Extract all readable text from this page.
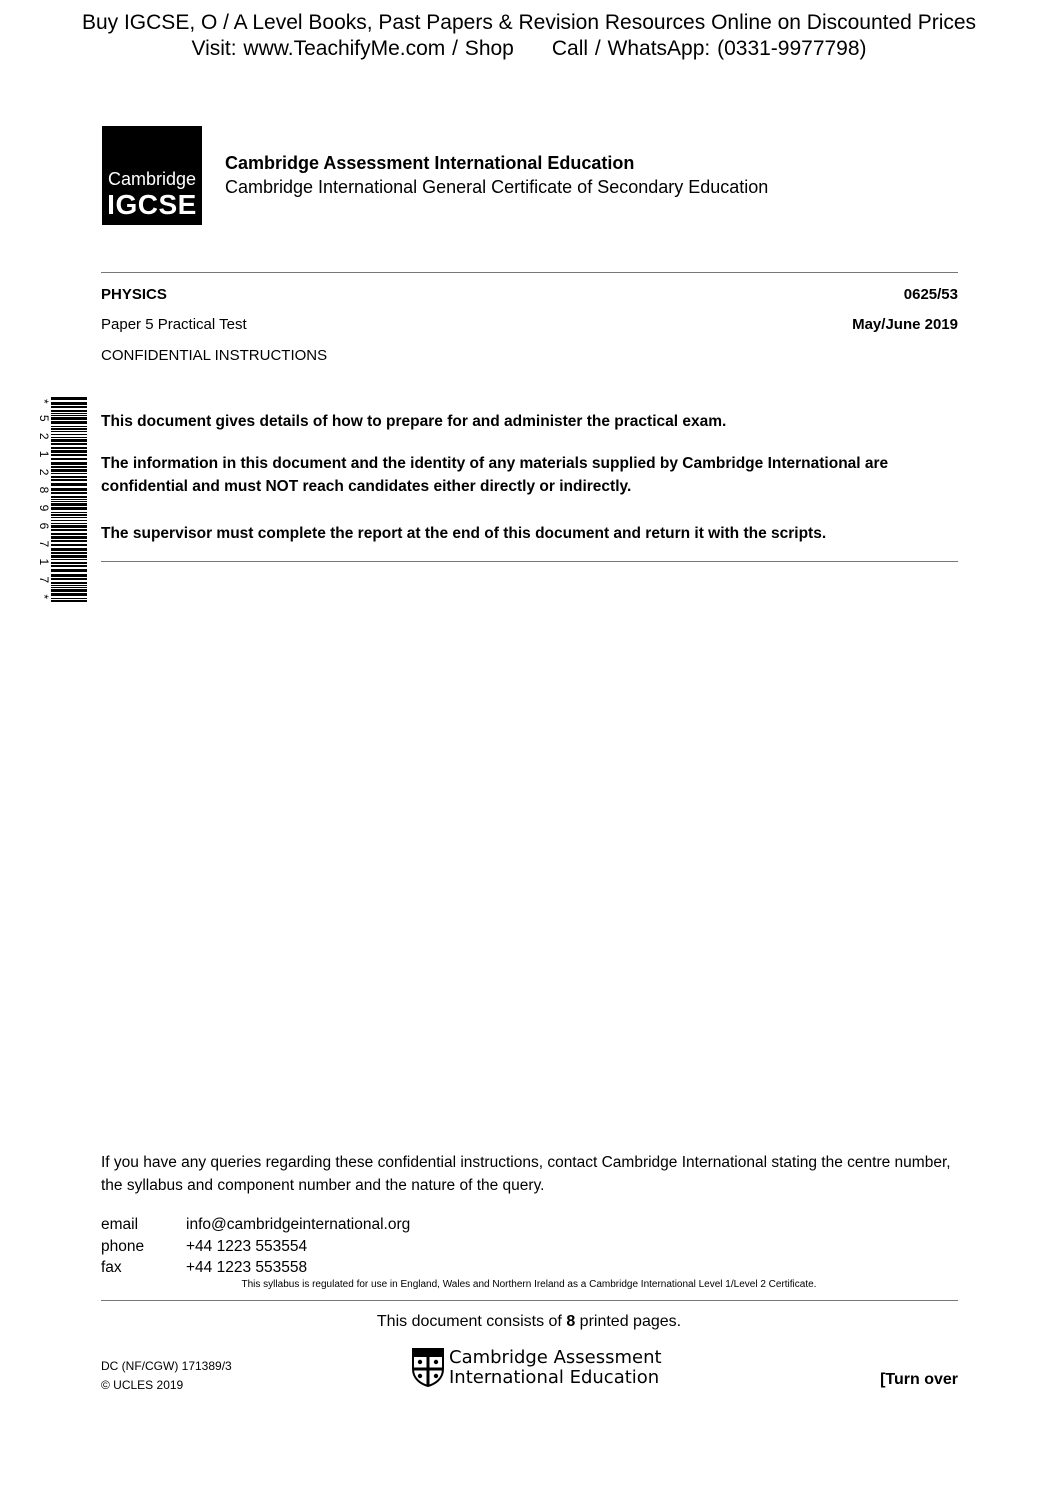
Buy IGCSE, O / A Level Books, Past Papers & Revision Resources Online on Discounted Prices
Visit: www.TeachifyMe.com / Shop Call / WhatsApp: (0331-9977798)
Cambridge
IGCSE
Cambridge Assessment International Education
Cambridge International General Certificate of Secondary Education
PHYSICS	0625/53
Paper 5 Practical Test	May/June 2019
CONFIDENTIAL INSTRUCTIONS
*5212896717*
This document gives details of how to prepare for and administer the practical exam.
The information in this document and the identity of any materials supplied by Cambridge International are confidential and must NOT reach candidates either directly or indirectly.
The supervisor must complete the report at the end of this document and return it with the scripts.
If you have any queries regarding these confidential instructions, contact Cambridge International stating the centre number, the syllabus and component number and the nature of the query.
email	info@cambridgeinternational.org
phone	+44 1223 553554
fax	+44 1223 553558
This syllabus is regulated for use in England, Wales and Northern Ireland as a Cambridge International Level 1/Level 2 Certificate.
This document consists of 8 printed pages.
DC (NF/CGW) 171389/3
© UCLES 2019
Cambridge Assessment
International Education	[Turn over
